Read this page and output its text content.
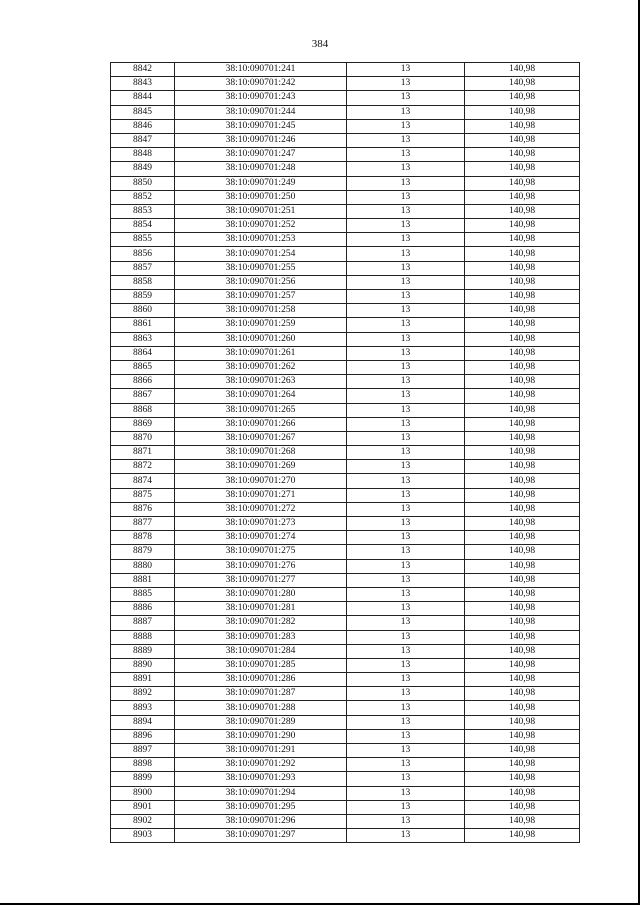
384
8842	38:10:090701:241	13	140,98
8843	38:10:090701:242	13	140,98
8844	38:10:090701:243	13	140,98
8845	38:10:090701:244	13	140,98
8846	38:10:090701:245	13	140,98
8847	38:10:090701:246	13	140,98
8848	38:10:090701:247	13	140,98
8849	38:10:090701:248	13	140,98
8850	38:10:090701:249	13	140,98
8852	38:10:090701:250	13	140,98
8853	38:10:090701:251	13	140,98
8854	38:10:090701:252	13	140,98
8855	38:10:090701:253	13	140,98
8856	38:10:090701:254	13	140,98
8857	38:10:090701:255	13	140,98
8858	38:10:090701:256	13	140,98
8859	38:10:090701:257	13	140,98
8860	38:10:090701:258	13	140,98
8861	38:10:090701:259	13	140,98
8863	38:10:090701:260	13	140,98
8864	38:10:090701:261	13	140,98
8865	38:10:090701:262	13	140,98
8866	38:10:090701:263	13	140,98
8867	38:10:090701:264	13	140,98
8868	38:10:090701:265	13	140,98
8869	38:10:090701:266	13	140,98
8870	38:10:090701:267	13	140,98
8871	38:10:090701:268	13	140,98
8872	38:10:090701:269	13	140,98
8874	38:10:090701:270	13	140,98
8875	38:10:090701:271	13	140,98
8876	38:10:090701:272	13	140,98
8877	38:10:090701:273	13	140,98
8878	38:10:090701:274	13	140,98
8879	38:10:090701:275	13	140,98
8880	38:10:090701:276	13	140,98
8881	38:10:090701:277	13	140,98
8885	38:10:090701:280	13	140,98
8886	38:10:090701:281	13	140,98
8887	38:10:090701:282	13	140,98
8888	38:10:090701:283	13	140,98
8889	38:10:090701:284	13	140,98
8890	38:10:090701:285	13	140,98
8891	38:10:090701:286	13	140,98
8892	38:10:090701:287	13	140,98
8893	38:10:090701:288	13	140,98
8894	38:10:090701:289	13	140,98
8896	38:10:090701:290	13	140,98
8897	38:10:090701:291	13	140,98
8898	38:10:090701:292	13	140,98
8899	38:10:090701:293	13	140,98
8900	38:10:090701:294	13	140,98
8901	38:10:090701:295	13	140,98
8902	38:10:090701:296	13	140,98
8903	38:10:090701:297	13	140,98
